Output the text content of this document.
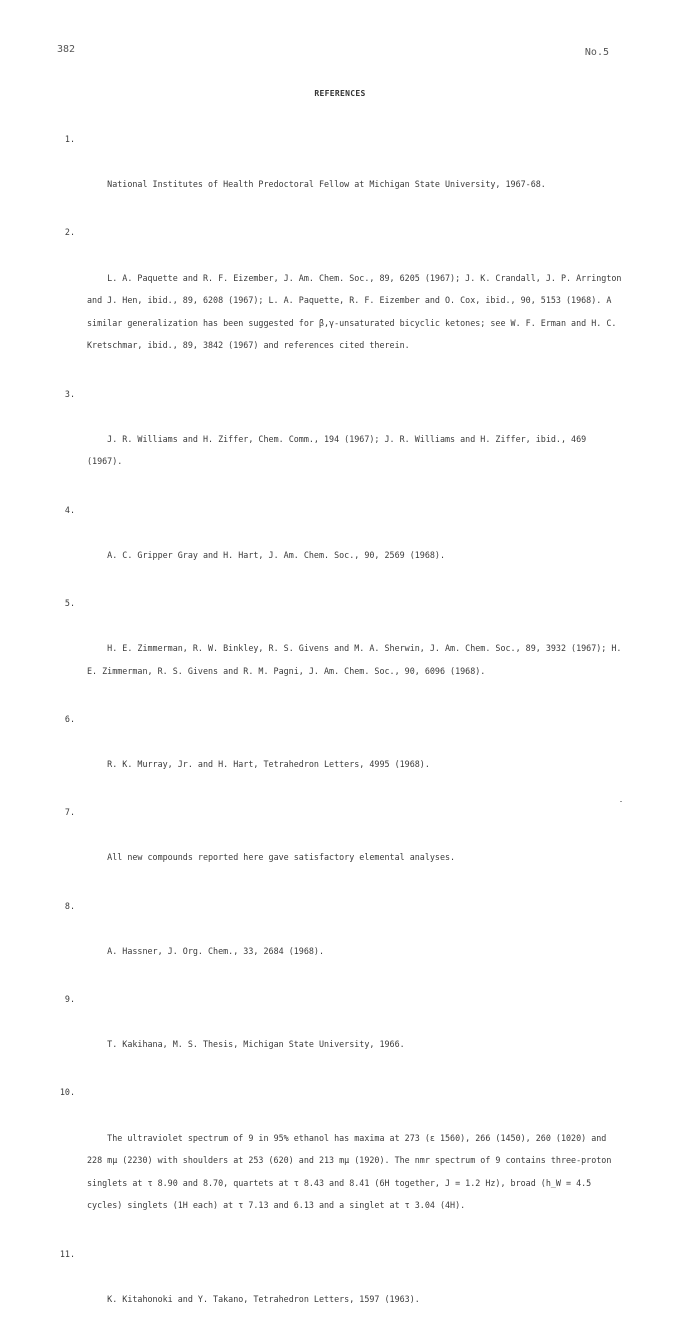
382	No.5
REFERENCES

1.

National Institutes of Health Predoctoral Fellow at Michigan State University, 1967-68.

2.

L. A. Paquette and R. F. Eizember, J. Am. Chem. Soc., 89, 6205 (1967); J. K. Crandall, J. P. Arrington and J. Hen, ibid., 89, 6208 (1967); L. A. Paquette, R. F. Eizember and O. Cox, ibid., 90, 5153 (1968). A similar generalization has been suggested for β,γ-unsaturated bicyclic ketones; see W. F. Erman and H. C. Kretschmar, ibid., 89, 3842 (1967) and references cited therein.

3.

J. R. Williams and H. Ziffer, Chem. Comm., 194 (1967); J. R. Williams and H. Ziffer, ibid., 469 (1967).

4.

A. C. Gripper Gray and H. Hart, J. Am. Chem. Soc., 90, 2569 (1968).

5.

H. E. Zimmerman, R. W. Binkley, R. S. Givens and M. A. Sherwin, J. Am. Chem. Soc., 89, 3932 (1967); H. E. Zimmerman, R. S. Givens and R. M. Pagni, J. Am. Chem. Soc., 90, 6096 (1968).

6.

R. K. Murray, Jr. and H. Hart, Tetrahedron Letters, 4995 (1968).

7.

All new compounds reported here gave satisfactory elemental analyses.

8.

A. Hassner, J. Org. Chem., 33, 2684 (1968).

9.

T. Kakihana, M. S. Thesis, Michigan State University, 1966.

10.

The ultraviolet spectrum of 9 in 95% ethanol has maxima at 273 (ε 1560), 266 (1450), 260 (1020) and 228 mμ (2230) with shoulders at 253 (620) and 213 mμ (1920). The nmr spectrum of 9 contains three-proton singlets at τ 8.90 and 8.70, quartets at τ 8.43 and 8.41 (6H together, J = 1.2 Hz), broad (h_W = 4.5 cycles) singlets (1H each) at τ 7.13 and 6.13 and a singlet at τ 3.04 (4H).

11.

K. Kitahonoki and Y. Takano, Tetrahedron Letters, 1597 (1963).
